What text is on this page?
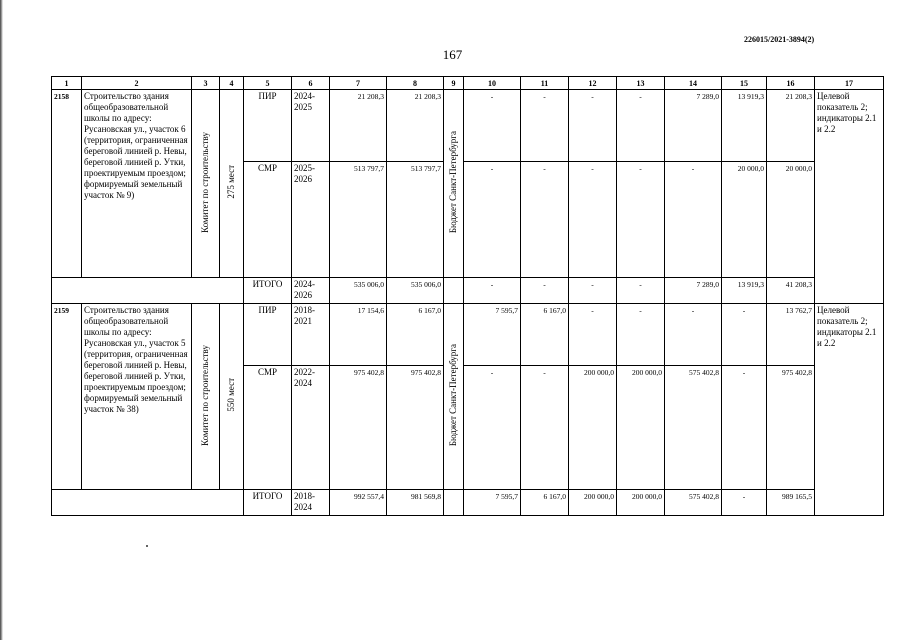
226015/2021-3894(2)
167
1	2	3	4	5	6	7	8	9	10	11	12	13	14	15	16	17
2158	Строительство здания общеобразовательной школы по адресу: Русановская ул., участок 6 (территория, ограниченная береговой линией р. Невы, береговой линией р. Утки, проектируемым проездом; формируемый земельный участок № 9)	Комитет по строительству	275 мест	ПИР	2024-2025	21 208,3	21 208,3	Бюджет Санкт-Петербурга	-	-	-	-	7 289,0	13 919,3	21 208,3	Целевой показатель 2; индикаторы 2.1 и 2.2
				СМР	2025-2026	513 797,7	513 797,7		-	-	-	-	-	20 000,0	20 000,0	
				ИТОГО	2024-2026	535 006,0	535 006,0		-	-	-	-	7 289,0	13 919,3	41 208,3	
2159	Строительство здания общеобразовательной школы по адресу: Русановская ул., участок 5 (территория, ограниченная береговой линией р. Невы, береговой линией р. Утки, проектируемым проездом; формируемый земельный участок № 38)	Комитет по строительству	550 мест	ПИР	2018-2021	17 154,6	6 167,0	Бюджет Санкт-Петербурга	7 595,7	6 167,0	-	-	-	-	13 762,7	Целевой показатель 2; индикаторы 2.1 и 2.2
				СМР	2022-2024	975 402,8	975 402,8		-	-	200 000,0	200 000,0	575 402,8	-	975 402,8	
				ИТОГО	2018-2024	992 557,4	981 569,8		7 595,7	6 167,0	200 000,0	200 000,0	575 402,8	-	989 165,5	
